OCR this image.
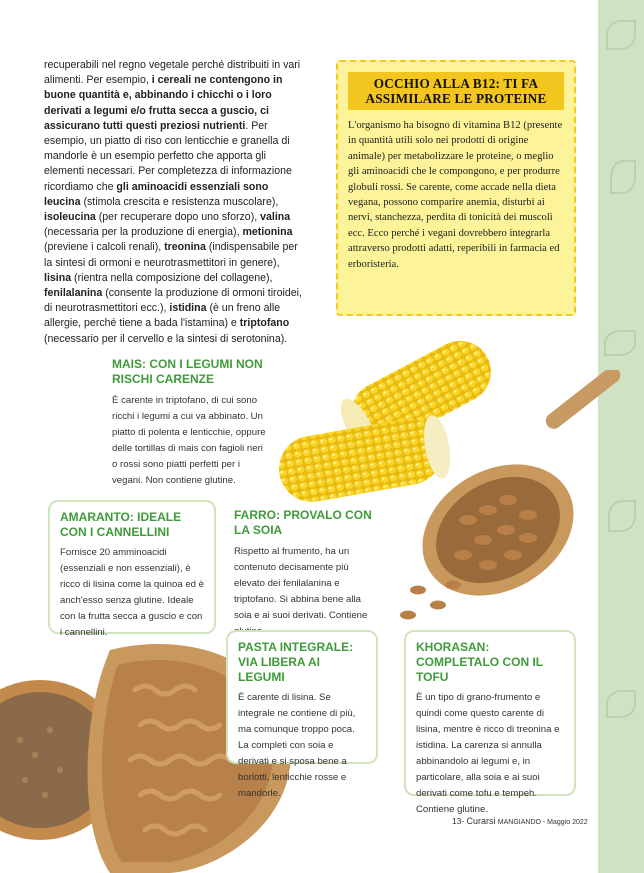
recuperabili nel regno vegetale perché distribuiti in vari alimenti. Per esempio, i cereali ne contengono in buone quantità e, abbinando i chicchi o i loro derivati a legumi e/o frutta secca a guscio, ci assicurano tutti questi preziosi nutrienti. Per esempio, un piatto di riso con lenticchie e granella di mandorle è un esempio perfetto che apporta gli elementi necessari. Per completezza di informazione ricordiamo che gli aminoacidi essenziali sono leucina (stimola crescita e resistenza muscolare), isoleucina (per recuperare dopo uno sforzo), valina (necessaria per la produzione di energia), metionina (previene i calcoli renali), treonina (indispensabile per la sintesi di ormoni e neurotrasmettitori in genere), lisina (rientra nella composizione del collagene), fenilalanina (consente la produzione di ormoni tiroidei, di neurotrasmettitori ecc.), istidina (è un freno alle allergie, perché tiene a bada l'istamina) e triptofano (necessario per il cervello e la sintesi di serotonina).
OCCHIO ALLA B12: TI FA ASSIMILARE LE PROTEINE
L'organismo ha bisogno di vitamina B12 (presente in quantità utili solo nei prodotti di origine animale) per metabolizzare le proteine, o meglio gli aminoacidi che le compongono, e per produrre globuli rossi. Se carente, come accade nella dieta vegana, possono comparire anemia, disturbi ai nervi, stanchezza, perdita di tonicità dei muscoli ecc. Ecco perché i vegani dovrebbero integrarla attraverso prodotti adatti, reperibili in farmacia ed erboristeria.
MAIS: CON I LEGUMI NON RISCHI CARENZE

È carente in triptofano, di cui sono ricchi i legumi a cui va abbinato. Un piatto di polenta e lenticchie, oppure delle tortillas di mais con fagioli neri o rossi sono piatti perfetti per i vegani. Non contiene glutine.

AMARANTO: IDEALE CON I CANNELLINI

Fornisce 20 amminoacidi (essenziali e non essenziali), è ricco di lisina come la quinoa ed è anch'esso senza glutine. Ideale con la frutta secca a guscio e con i cannellini.

FARRO: PROVALO CON LA SOIA

Rispetto al frumento, ha un contenuto decisamente più elevato dei fenilalanina e triptofano. Si abbina bene alla soia e ai suoi derivati. Contiene

PASTA INTEGRALE: VIA LIBERA AI LEGUMI

È carente di lisina. Se integrale ne contiene di più, ma comunque troppo poca. La completi con soia e derivati e si sposa bene a borlotti, lenticchie rosse e mandorle.

KHORASAN: COMPLETALO CON IL TOFU

È un tipo di grano-frumento e quindi come questo carente di lisina, mentre è ricco di treonina e istidina. La carenza si annulla abbinandolo ai legumi e, in particolare, alla soia e ai suoi derivati come tofu e tempeh. Contiene glutine.

13- Curarsi MANGIANDO - Maggio 2022
